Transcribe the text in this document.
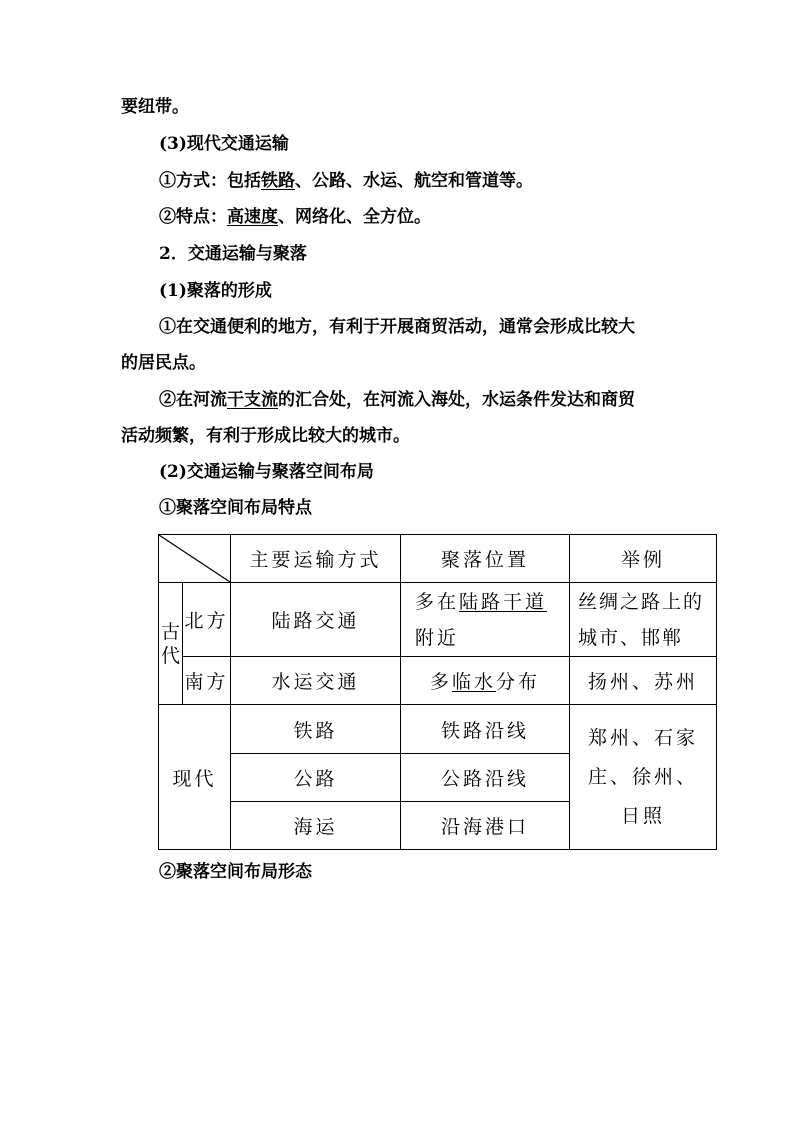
要纽带。
(3)现代交通运输
①方式：包括铁路、公路、水运、航空和管道等。
②特点：高速度、网络化、全方位。
2．交通运输与聚落
(1)聚落的形成
①在交通便利的地方，有利于开展商贸活动，通常会形成比较大
的居民点。
②在河流干支流的汇合处，在河流入海处，水运条件发达和商贸
活动频繁，有利于形成比较大的城市。
(2)交通运输与聚落空间布局
①聚落空间布局特点
	主要运输方式	聚落位置	举例
古代	北方	陆路交通	多在陆路干道附近	丝绸之路上的城市、邯郸
	南方	水运交通	多临水分布	扬州、苏州
现代		铁路	铁路沿线	郑州、石家庄、徐州、日照
		公路	公路沿线	
		海运	沿海港口	
②聚落空间布局形态
